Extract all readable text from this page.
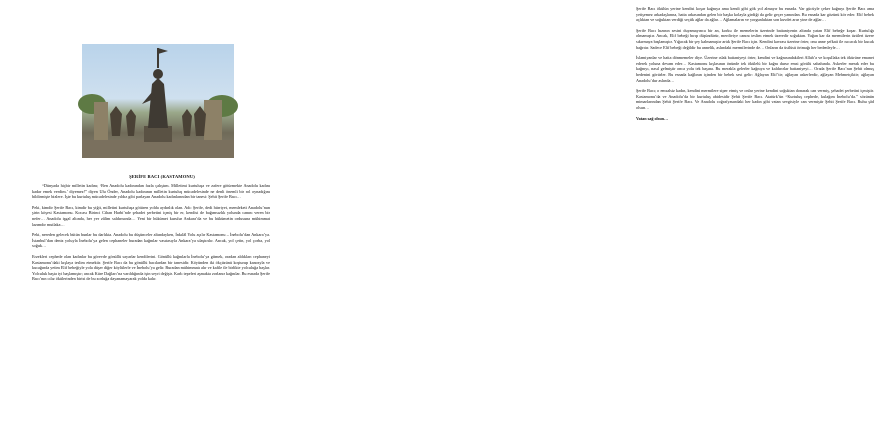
ŞERİFE BACI (KASTAMONU)

“Dünyada hiçbir milletin kadını; ‘Ben Anadolu kadınından fazla çalıştım. Milletimi kurtuluşa ve zafere götürmekte Anadolu kadını kadar emek verdim.’ diyemez!” diyen Ulu Önder, Anadolu kadınının milletin kurtuluş mücadelesinde ne denli önemli bir rol oynadığını bildirmişte bizlere. İşte bu kurtuluş mücadelesinde yıldız gibi parlayan Anadolu kadınlarından bir tanesi: Şehit Şerife Bacı…

Peki, kimdir Şerife Bacı, kimdir bu yiğit, milletini kurtuluşa götüren yolda aydınlık olan. Adı: Şerife, dedi hürriyet, memleketi Anadolu’nun şirin köşesi Kastamonu. Kocası Birinci Cihan Harbi’nde şehadet şerbetini içmiş bir er, kendisi de bağımsızlık yolunda canını veren bir nefer… Anadolu işgal altında, her yer zâlim saldırısında… Yeni bir hükümet kurulur Ankara’da ve bu hükümetin ordusuna mühimmat lazımdır mutlaka…

Peki, nereden gelecek bütün bunlar bu darlıkta. Anadolu bu düşünceler altındayken, İnkılâl Yolu açılır Kastamonu – İnebolu’dan Ankara’ya. İstanbul’dan deniz yoluyla İnebolu’ya gelen cephaneler buradan kağnılar vasıtasıyla Ankara’ya ulaştırılır. Ancak, yol çetin, yol çorba, yol soğuk…

Erzekleri cephede olan kadınlar bu görevde gönüllü sayarlar kendilerini. Gönüllü kağnılarla İnebolu’ya gitmek, oradan aldıkları cephaneyi Kastamonu’daki kışlaya teslim etmektir. Şerife Bacı da bu gönüllü bacılardan bir tanesidir. Köyünden iki ökçüzünü koşturup kanosyla ve kucağında yetim Elif bebeğiyle yola düşer diğer köylülerle ve İnebolu’ya gelir. Buradan mühimmatı alır ve kafile ile birlikte yolculuğa başlar. Yolculuk başta iyi başlamıştır; ancak Küre Dağları’na varıldığında işin seyri değişir. Karlı tepeleri aşmakta zorlanır kağnılar. Bu esnada Şerife Bacı’nın cılız ökülerinden birisi de bu zorluğa dayanamayarak yolda kalır.

Şerife Bacı ökülün yerine kendisi koşar kağnıya ama kendi gibi gök yol almayır bu esnada. Var gücüyle çeker kağnıyı Şerife Bacı ama yetişemez arkadaşlarına, hatta arkasından gelen bir başka kolayla girdiği da gelir geçer yanından. Bu esnada kar gözünü kör eder. Elif bebek açlıktan ve soğuktan verdiği seçtik ağlar da ağlar… Ağlamaların ve yorgunluktan son kuvdet arar yine de ağlar…

Şerife Bacı hızının sesini duyamayınca bir an, korku ile memelerin üzerinde battaniyenin altında yatan Elif bebeğe koşar. Kurtulığı olmamıştır. Ancak, Elif bebeği bırıp düşündürür, merdiviye canını teslim etmek üzeredir soğuktan. Yağan kar da mermilerin üzüleri üzere sıkırmaya başlamıştır. Yığacak bir şey kalmamıştır artık Şerife Bacı için. Kendini kavrası üzerine örter, onu anne şefkati ile ısıcacık bir kucak bağrıtır. Sadece Elif bebeği değildir bu annelik, aslındaki mermilerinde de… Onların da üstlüsü örtmağı her bedenleyle…

İslamiyanlar ve hatta dönmemeler diye. Üzerine ıslak battaniyeyi örter, kendini ve kağnısındakileri Allah’a ve koşullaka tek ökürüne emanet ederek yoluna devam eder… Kastamonu kışlasının önünde tek ökülelü bir kağnı durur emsi görülü sabahında. Askerler merak eder bu kağnıyı, nasıl gelmiştir onca yolu tek başına. Bu merakla gelerler kağnıya ve kaldırırlar battaniyeyi… Orada Şerife Bacı’nın Şehit olmuş bedenini görürler. Bu esnada kağlının içinden bir bebek sesi gelir: Ağlayan Elif’tir; ağlayan askerlerdir, ağlayan Mehmetçiktir; ağlayan Anadolu’dur aslında…

Şerife Bacı; o emsalsiz kadın, kendini mermilere siper etmiş ve onlar yerine kendini soğuktan donarak can vermiş, şehadet şerbetini içmiştir. Kastamonu’da ve Anadolu’da bir kurtuluş abidesidir Şehit Şerife Bacı. Atatürk’ün “Kurtuluş cephede, kulağım İnebolu’da.” sözünün mimarlarından Şehit Şerife Bacı. Ve Anadolu coğrafyasındaki her kadın gibi vatan sevgisiyle can vermiştir Şehit Şerife Bacı. Ruhu şâd olsun…

Vatan sağ olsun…
